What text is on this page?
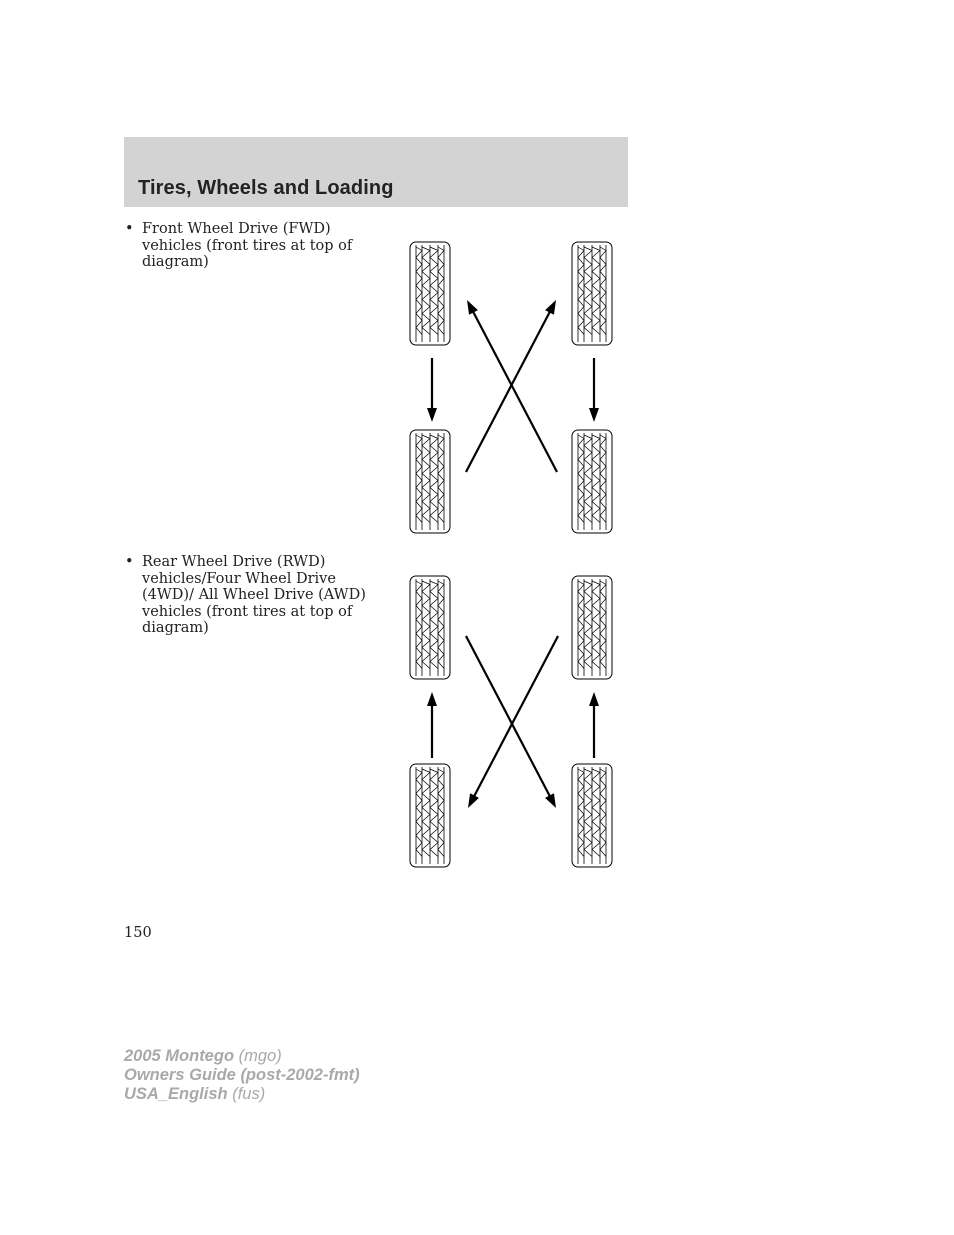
Tires, Wheels and Loading
• Front Wheel Drive (FWD)
vehicles (front tires at top of
diagram)
• Rear Wheel Drive (RWD)
vehicles/Four Wheel Drive
(4WD)/ All Wheel Drive (AWD)
vehicles (front tires at top of
diagram)
150
2005 Montego (mgo)
Owners Guide (post-2002-fmt)
USA_English (fus)
